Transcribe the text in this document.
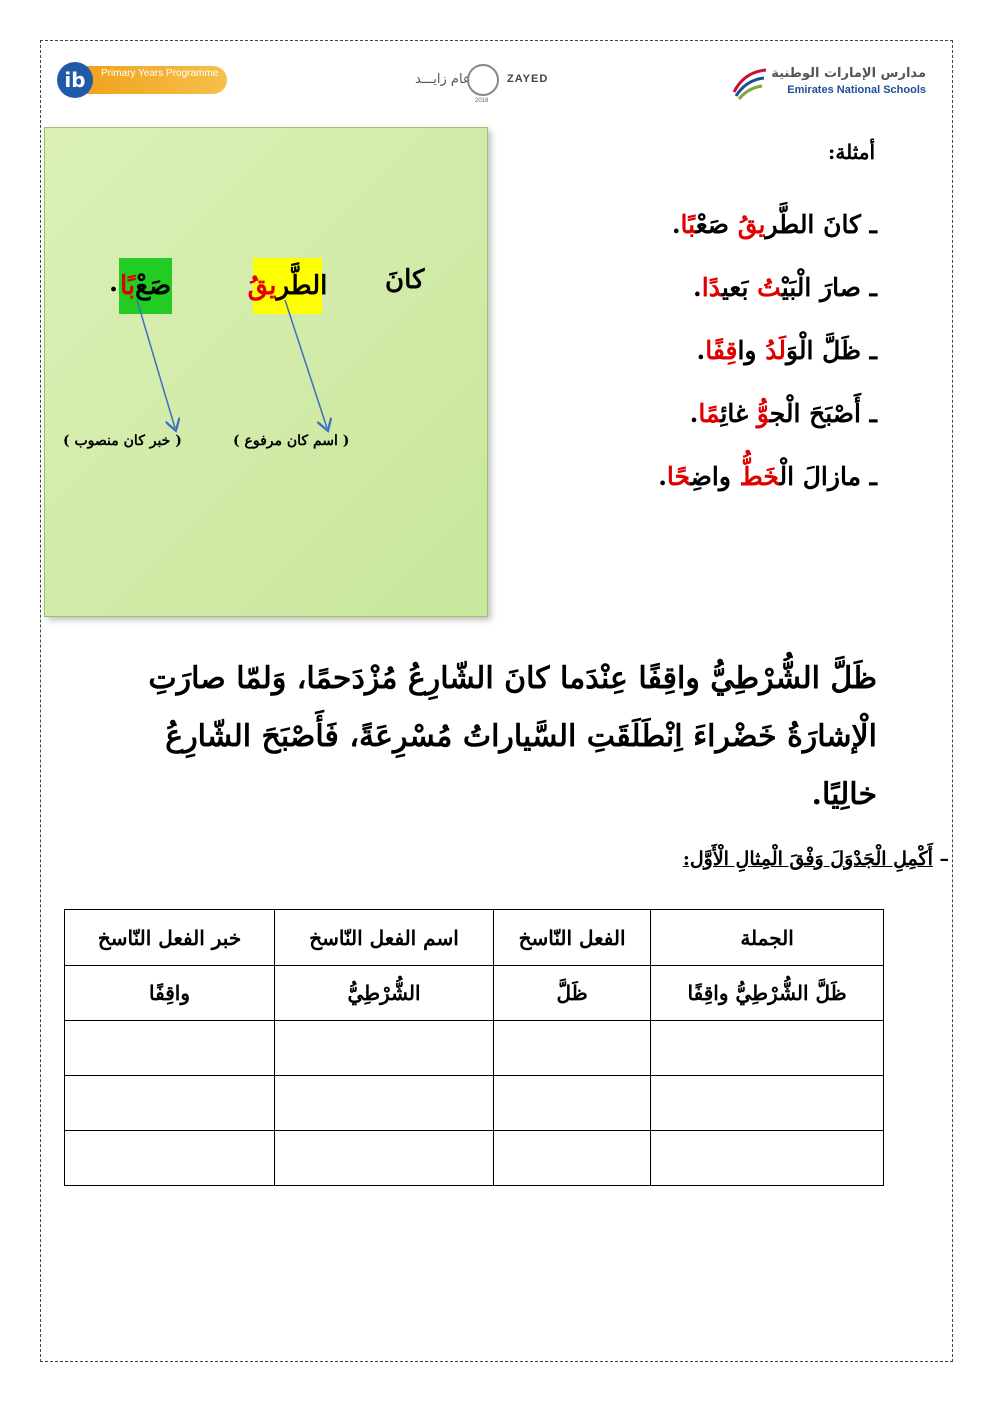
Primary Years Programme
ib	عام زايـــد	ZAYED
2018
مدارس الإمارات الوطنية
Emirates National Schools
كانَ
الطَّر
يقُ
صَعْ
بًا
.
( اسم كان مرفوع )
( خبر كان منصوب )
أمثلة:
ـ كانَ الطَّريقُ صَعْبًا.
ـ صارَ الْبَيْتُ بَعيدًا.
ـ ظَلَّ الْوَلَدُ واقِفًا.
ـ أَصْبَحَ الْجوُّ غائِمًا.
ـ مازالَ الْخَطُّ واضِحًا.
ظَلَّ الشُّرْطِيُّ واقِفًا عِنْدَما كانَ الشّارِعُ مُزْدَحمًا، وَلمّا صارَتِ الْإشارَةُ خَضْراءَ اِنْطَلَقَتِ السَّياراتُ مُسْرِعَةً، فَأَصْبَحَ الشّارِعُ خالِيًا.
– أَكْمِلِ الْجَدْوَلَ وَفْقَ الْمِثالِ الْأَوَّل:
الجملة	الفعل النّاسخ	اسم الفعل النّاسخ	خبر الفعل النّاسخ
ظَلَّ الشُّرْطِيُّ واقِفًا	ظَلَّ	الشُّرْطِيُّ	واقِفًا
